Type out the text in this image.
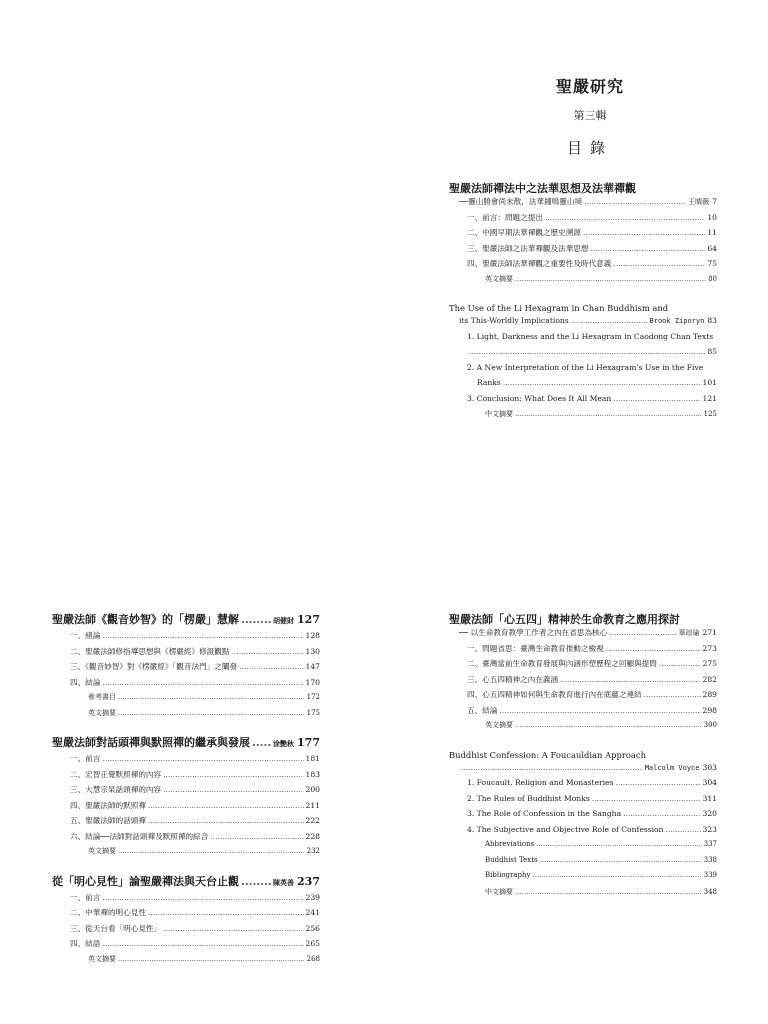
聖嚴研究
第三輯
目錄
聖嚴法師禪法中之法華思想及法華禪觀
──靈山勝會尚未散，法華鐘鳴靈山境 .....	王晴薇 7
一、前言：問題之提出 .....	10
二、中國早期法華禪觀之歷史溯源 .....	11
三、聖嚴法師之法華禪觀及法華思想 .....	64
四、聖嚴法師法華禪觀之重要性及時代意義 .....	75
英文摘要 .....	80
The Use of the Li Hexagram in Chan Buddhism and
its This-Worldly Implications .....	Brook Ziporyn 83
1. Light, Darkness and the Li Hexagram in Caodong Chan Texts
.....
85
2. A New Interpretation of the Li Hexagram’s Use in the Five
Ranks .....	101
3. Conclusion: What Does It All Mean .....	121
中文摘要 .....	125
聖嚴法師《觀音妙智》的「楞嚴」慧解 .....	胡健財 127
一、緒論 .....	128
二、聖嚴法師修指導思想與《楞嚴經》修證觀點 .....	130
三、《觀音妙智》對《楞嚴經》「觀音法門」之闡發 .....	147
四、結論 .....	170
參考書目 .....	172
英文摘要 .....	175
聖嚴法師對話頭禪與默照禪的繼承與發展 .....	涂艷秋 177
一、前言 .....	181
二、宏智正覺默照禪的內容 .....	183
三、大慧宗杲話頭禪的內容 .....	200
四、聖嚴法師的默照禪 .....	211
五、聖嚴法師的話頭禪 .....	222
六、結論──法師對話頭禪及默照禪的綜合 .....	228
英文摘要 .....	232
從「明心見性」論聖嚴禪法與天台止觀 .....	陳英善 237
一、前言 .....	239
二、中華禪的明心見性 .....	241
三、從天台看「明心見性」 .....	256
四、結語 .....	265
英文摘要 .....	268
聖嚴法師「心五四」精神於生命教育之應用探討
── 以生命教育教學工作者之內在省思為核心 .....	辜琮瑜 271
一、問題省思：臺灣生命教育推動之檢視 .....	273
二、臺灣當前生命教育發展與內涵形塑歷程之回顧與提問 .....	275
三、心五四精神之內在義涵 .....	282
四、心五四精神如何與生命教育進行內在底蘊之連結 .....	289
五、結論 .....	298
英文摘要 .....	300
Buddhist Confession: A Foucauldian Approach
.....
Malcolm Voyce 303
1. Foucault, Religion and Monasteries .....	304
2. The Rules of Buddhist Monks .....	311
3. The Role of Confession in the Sangha .....	320
4. The Subjective and Objective Role of Confession .....	323
Abbreviations .....	337
Buddhist Texts .....	338
Bibliography .....	339
中文摘要 .....	348
